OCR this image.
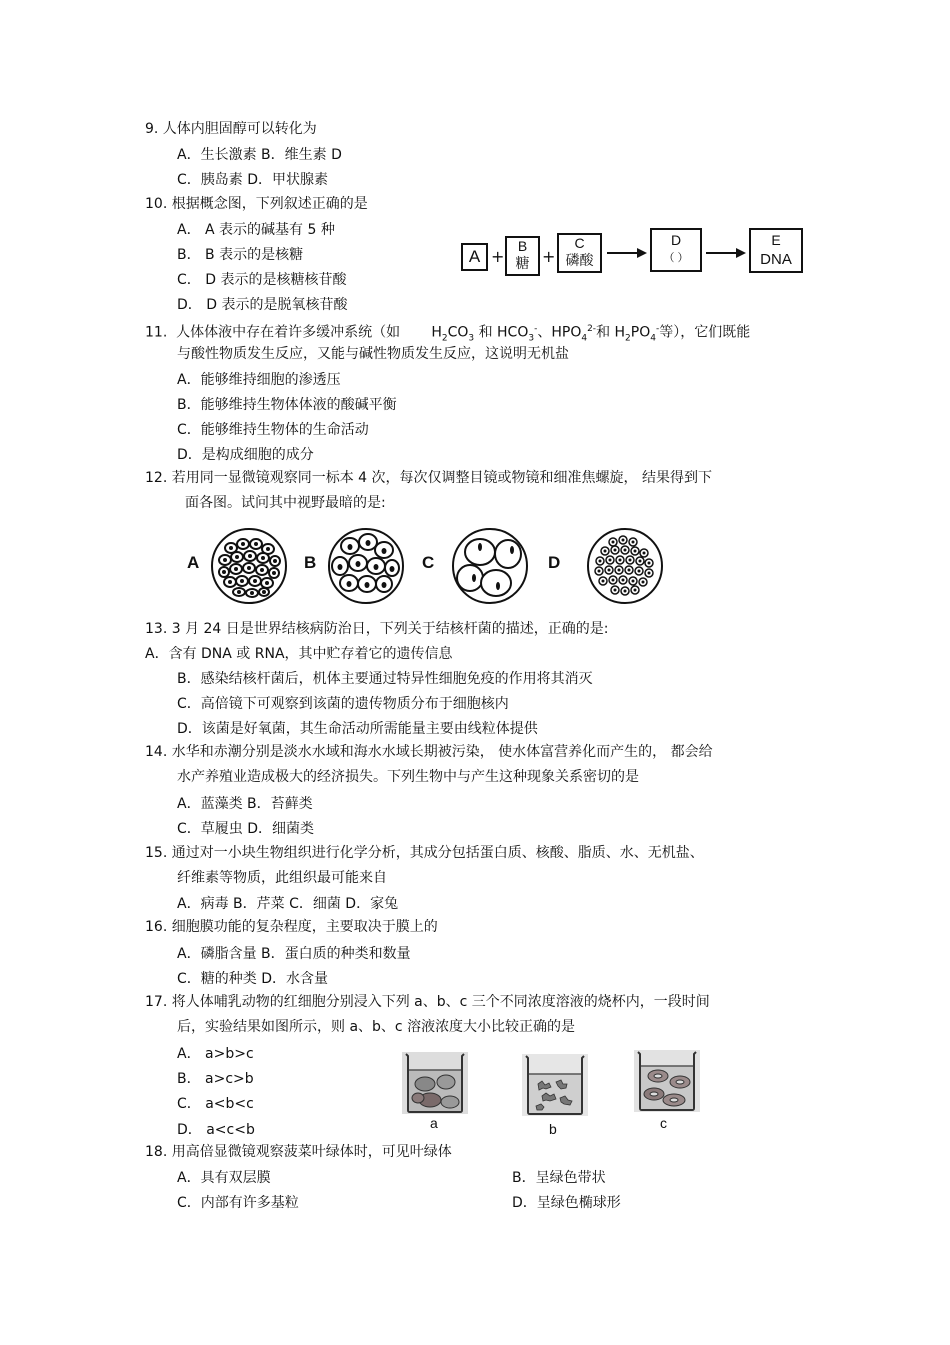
9. 人体内胆固醇可以转化为
A．生长激素 B．维生素 D
C．胰岛素 D．甲状腺素
10. 根据概念图，下列叙述正确的是
A． A 表示的碱基有 5 种
B． B 表示的是核糖
C． D 表示的是核糖核苷酸
D． D 表示的是脱氧核苷酸
A +
B
糖 +
C
磷酸
D
（ ）
E
DNA
11. 人体体液中存在着许多缓冲系统（如 $H_2CO_3$ 和 $HCO_3^-$、$HPO_4^{2-}$和 $H_2PO_4^-$等），它们既能
与酸性物质发生反应，又能与碱性物质发生反应，这说明无机盐
A．能够维持细胞的渗透压
B．能够维持生物体体液的酸碱平衡
C．能够维持生物体的生命活动
D．是构成细胞的成分
12. 若用同一显微镜观察同一标本 4 次，每次仅调整目镜或物镜和细准焦螺旋， 结果得到下
面各图。试问其中视野最暗的是:
A	B	C	D
13. 3 月 24 日是世界结核病防治日，下列关于结核杆菌的描述，正确的是:
A．含有 DNA 或 RNA，其中贮存着它的遗传信息
B．感染结核杆菌后，机体主要通过特异性细胞免疫的作用将其消灭
C．高倍镜下可观察到该菌的遗传物质分布于细胞核内
D．该菌是好氧菌，其生命活动所需能量主要由线粒体提供
14. 水华和赤潮分别是淡水水域和海水水域长期被污染， 使水体富营养化而产生的， 都会给
水产养殖业造成极大的经济损失。下列生物中与产生这种现象关系密切的是
A．蓝藻类 B．苔藓类
C．草履虫 D．细菌类
15. 通过对一小块生物组织进行化学分析，其成分包括蛋白质、核酸、脂质、水、无机盐、
纤维素等物质，此组织最可能来自
A．病毒 B．芹菜 C．细菌 D．家兔
16. 细胞膜功能的复杂程度，主要取决于膜上的
A．磷脂含量 B．蛋白质的种类和数量
C．糖的种类 D．水含量
17. 将人体哺乳动物的红细胞分别浸入下列 a、b、c 三个不同浓度溶液的烧杯内，一段时间
后，实验结果如图所示，则 a、b、c 溶液浓度大小比较正确的是
A． a>b>c
B． a>c>b
C． a<b<c
D． a<c<b	a	b	c
18. 用高倍显微镜观察菠菜叶绿体时，可见叶绿体
A．具有双层膜	B．呈绿色带状
C．内部有许多基粒	D．呈绿色椭球形
